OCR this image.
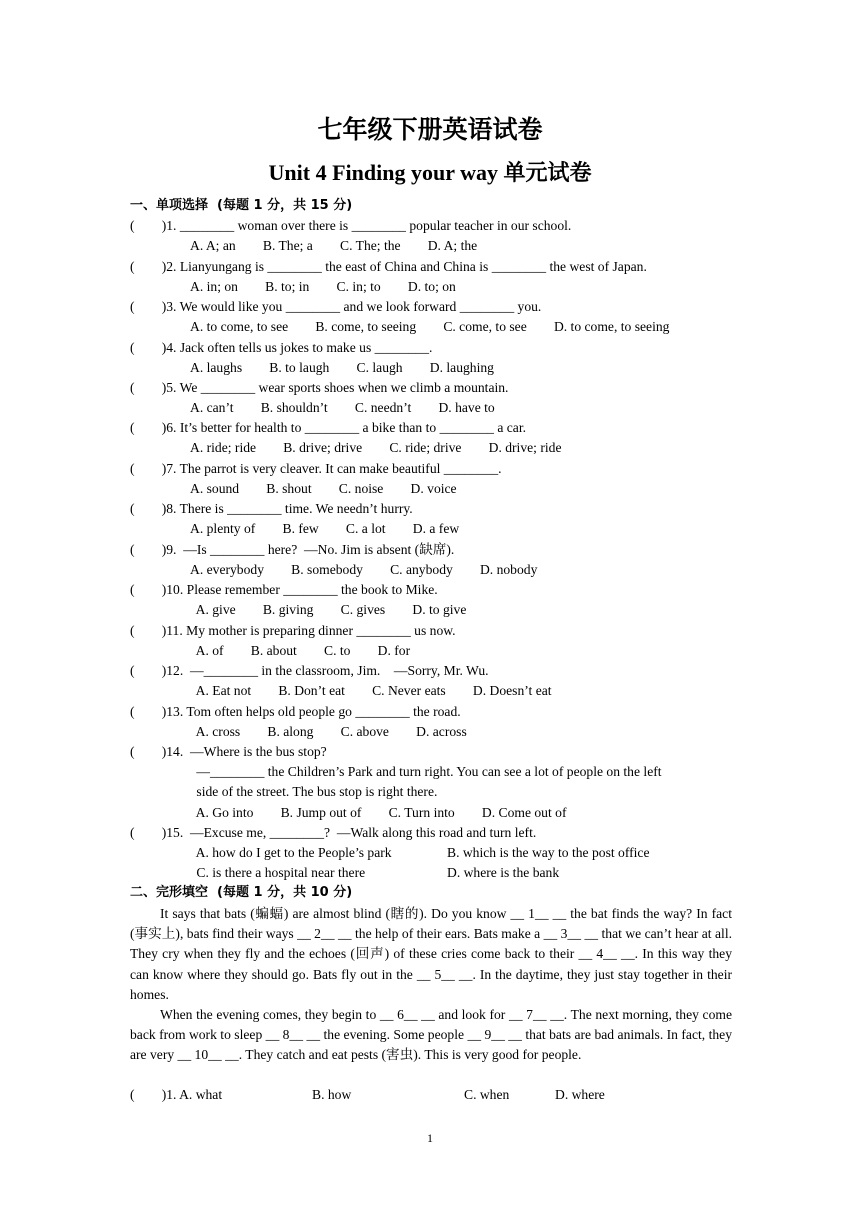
七年级下册英语试卷
Unit 4 Finding your way 单元试卷
一、单项选择  (每题 1 分，共 15 分)
(        )1. ________ woman over there is ________ popular teacher in our school.
A. A; an        B. The; a        C. The; the        D. A; the
(        )2. Lianyungang is ________ the east of China and China is ________ the west of Japan.
A. in; on        B. to; in        C. in; to        D. to; on
(        )3. We would like you ________ and we look forward ________ you.
A. to come, to see        B. come, to seeing        C. come, to see        D. to come, to seeing
(        )4. Jack often tells us jokes to make us ________.
A. laughs        B. to laugh        C. laugh        D. laughing
(        )5. We ________ wear sports shoes when we climb a mountain.
A. can’t        B. shouldn’t        C. needn’t        D. have to
(        )6. It’s better for health to ________ a bike than to ________ a car.
A. ride; ride        B. drive; drive        C. ride; drive        D. drive; ride
(        )7. The parrot is very cleaver. It can make beautiful ________.
A. sound        B. shout        C. noise        D. voice
(        )8. There is ________ time. We needn’t hurry.
A. plenty of        B. few        C. a lot        D. a few
(        )9.  —Is ________ here?  —No. Jim is absent (缺席).
A. everybody        B. somebody        C. anybody        D. nobody
(        )10. Please remember ________ the book to Mike.
A. give        B. giving        C. gives        D. to give
(        )11. My mother is preparing dinner ________ us now.
A. of        B. about        C. to        D. for
(        )12.  —________ in the classroom, Jim.    —Sorry, Mr. Wu.
A. Eat not        B. Don’t eat        C. Never eats        D. Doesn’t eat
(        )13. Tom often helps old people go ________ the road.
A. cross        B. along        C. above        D. across
(        )14.  —Where is the bus stop?
—________ the Children’s Park and turn right. You can see a lot of people on the left
side of the street. The bus stop is right there.
A. Go into        B. Jump out of        C. Turn into        D. Come out of
(        )15.  —Excuse me, ________?  —Walk along this road and turn left.
A. how do I get to the People’s park	B. which is the way to the post office
C. is there a hospital near there	D. where is the bank
二、完形填空  (每题 1 分，共 10 分)
It says that bats (蝙蝠) are almost blind (瞎的). Do you know __ 1__ __ the bat finds the way? In fact (事实上), bats find their ways __ 2__ __ the help of their ears. Bats make a __ 3__ __ that we can’t hear at all. They cry when they fly and the echoes (回声) of these cries come back to their __ 4__ __. In this way they can know where they should go. Bats fly out in the __ 5__ __. In the daytime, they just stay together in their homes.
When the evening comes, they begin to __ 6__ __ and look for __ 7__ __. The next morning, they come back from work to sleep __ 8__ __ the evening. Some people __ 9__ __ that bats are bad animals. In fact, they are very __ 10__ __. They catch and eat pests (害虫). This is very good for people.
(        )1. A. what	B. how	C. when	D. where
1
